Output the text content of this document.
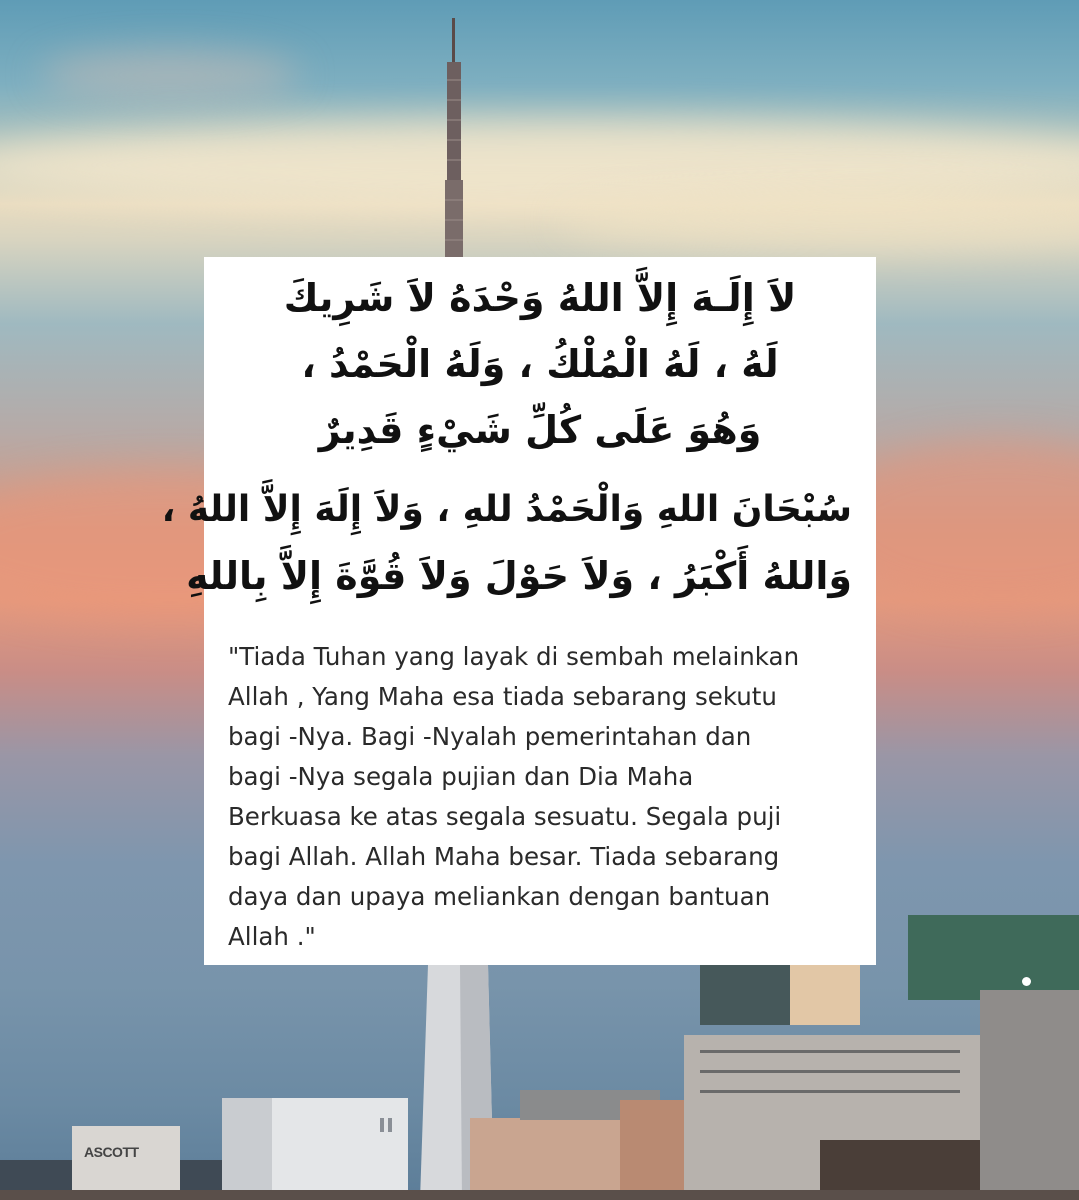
ASCOTT
لاَ إِلَـهَ إِلاَّ اللهُ وَحْدَهُ لاَ شَرِيكَ
لَهُ ، لَهُ الْمُلْكُ ، وَلَهُ الْحَمْدُ ،
وَهُوَ عَلَى كُلِّ شَيْءٍ قَدِيرٌ
سُبْحَانَ اللهِ وَالْحَمْدُ للهِ ، وَلاَ إِلَهَ إِلاَّ اللهُ ،
وَاللهُ أَكْبَرُ ، وَلاَ حَوْلَ وَلاَ قُوَّةَ إِلاَّ بِاللهِ
"Tiada Tuhan yang layak di sembah melainkan
Allah , Yang Maha esa tiada sebarang sekutu
bagi -Nya. Bagi -Nyalah pemerintahan dan
bagi -Nya segala pujian dan Dia Maha
Berkuasa ke atas segala sesuatu. Segala puji
bagi Allah. Allah Maha besar. Tiada sebarang
daya dan upaya meliankan dengan bantuan
Allah ."
